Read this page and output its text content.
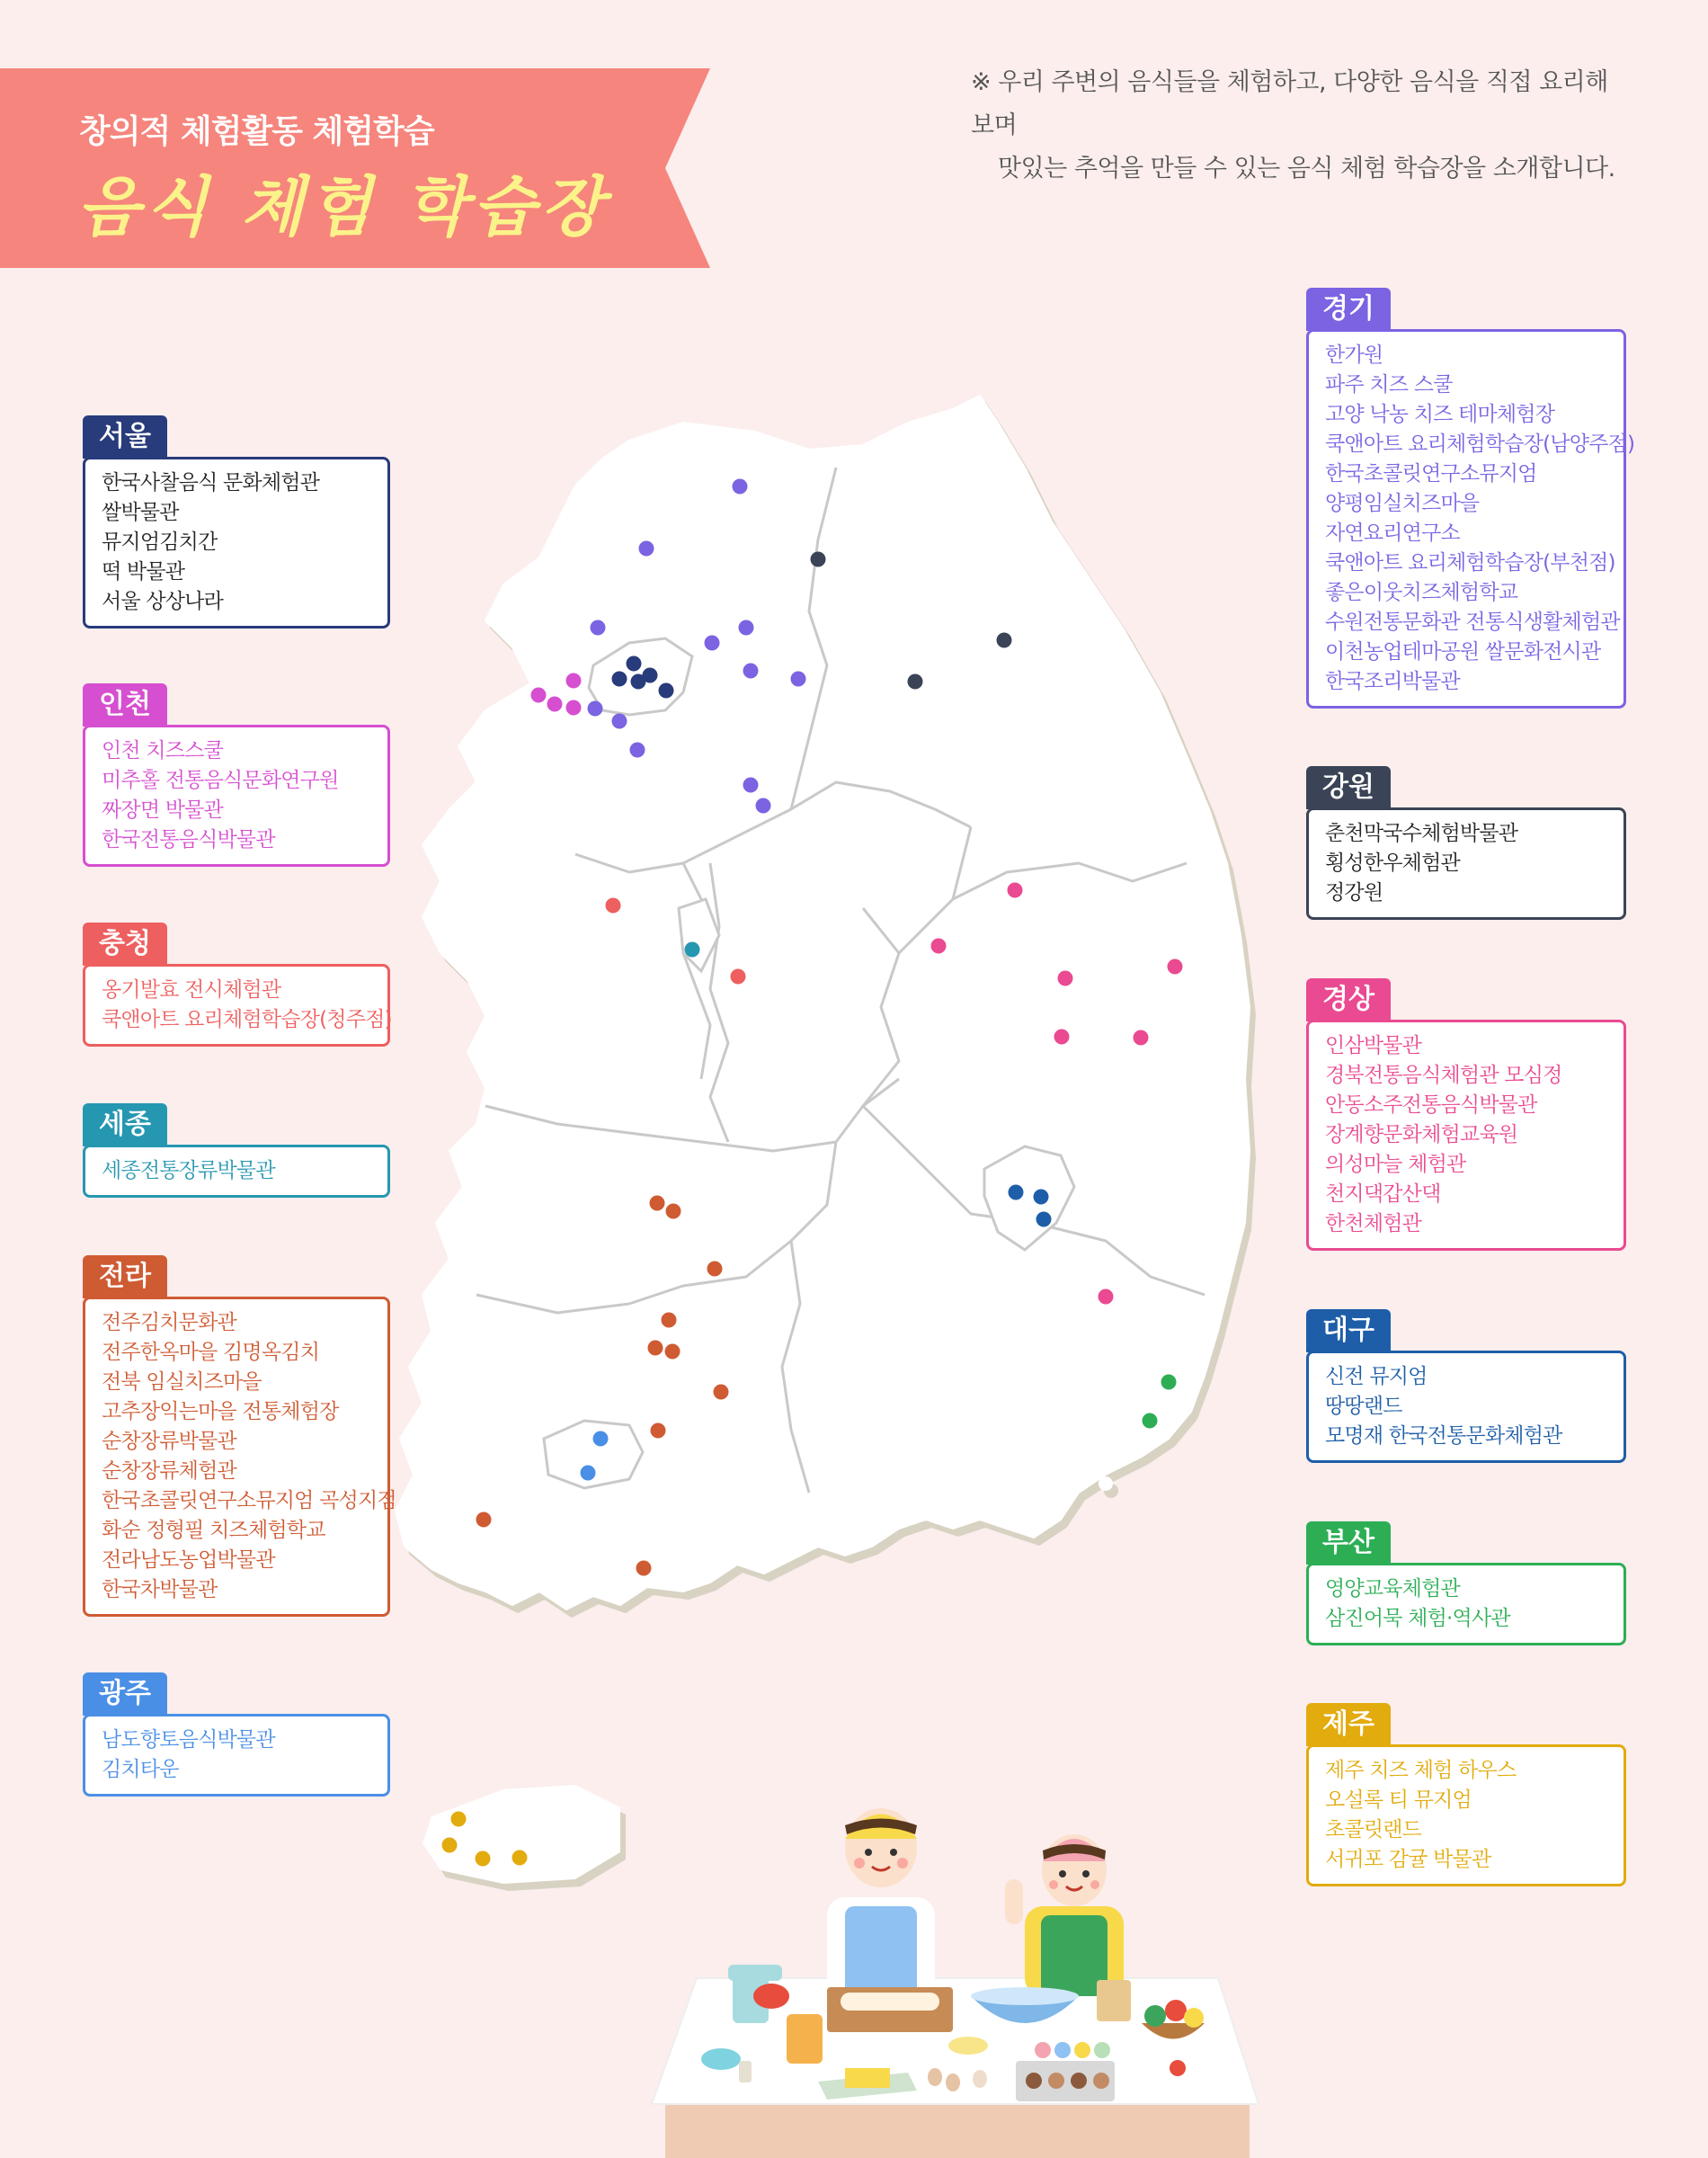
창의적 체험활동 체험학습
음식 체험 학습장
※ 우리 주변의 음식들을 체험하고, 다양한 음식을 직접 요리해 보며
맛있는 추억을 만들 수 있는 음식 체험 학습장을 소개합니다.
서울
한국사찰음식 문화체험관
쌀박물관
뮤지엄김치간
떡 박물관
서울 상상나라
인천
인천 치즈스쿨
미추홀 전통음식문화연구원
짜장면 박물관
한국전통음식박물관
충청
옹기발효 전시체험관
쿡앤아트 요리체험학습장(청주점)
세종
세종전통장류박물관
전라
전주김치문화관
전주한옥마을 김명옥김치
전북 임실치즈마을
고추장익는마을 전통체험장
순창장류박물관
순창장류체험관
한국초콜릿연구소뮤지엄 곡성지점
화순 정형필 치즈체험학교
전라남도농업박물관
한국차박물관
광주
남도향토음식박물관
김치타운
경기
한가원
파주 치즈 스쿨
고양 낙농 치즈 테마체험장
쿡앤아트 요리체험학습장(남양주점)
한국초콜릿연구소뮤지엄
양평임실치즈마을
자연요리연구소
쿡앤아트 요리체험학습장(부천점)
좋은이웃치즈체험학교
수원전통문화관 전통식생활체험관
이천농업테마공원 쌀문화전시관
한국조리박물관
강원
춘천막국수체험박물관
횡성한우체험관
정강원
경상
인삼박물관
경북전통음식체험관 모심정
안동소주전통음식박물관
장계향문화체험교육원
의성마늘 체험관
천지댁갑산댁
한천체험관
대구
신전 뮤지엄
땅땅랜드
모명재 한국전통문화체험관
부산
영양교육체험관
삼진어묵 체험·역사관
제주
제주 치즈 체험 하우스
오설록 티 뮤지엄
초콜릿랜드
서귀포 감귤 박물관
